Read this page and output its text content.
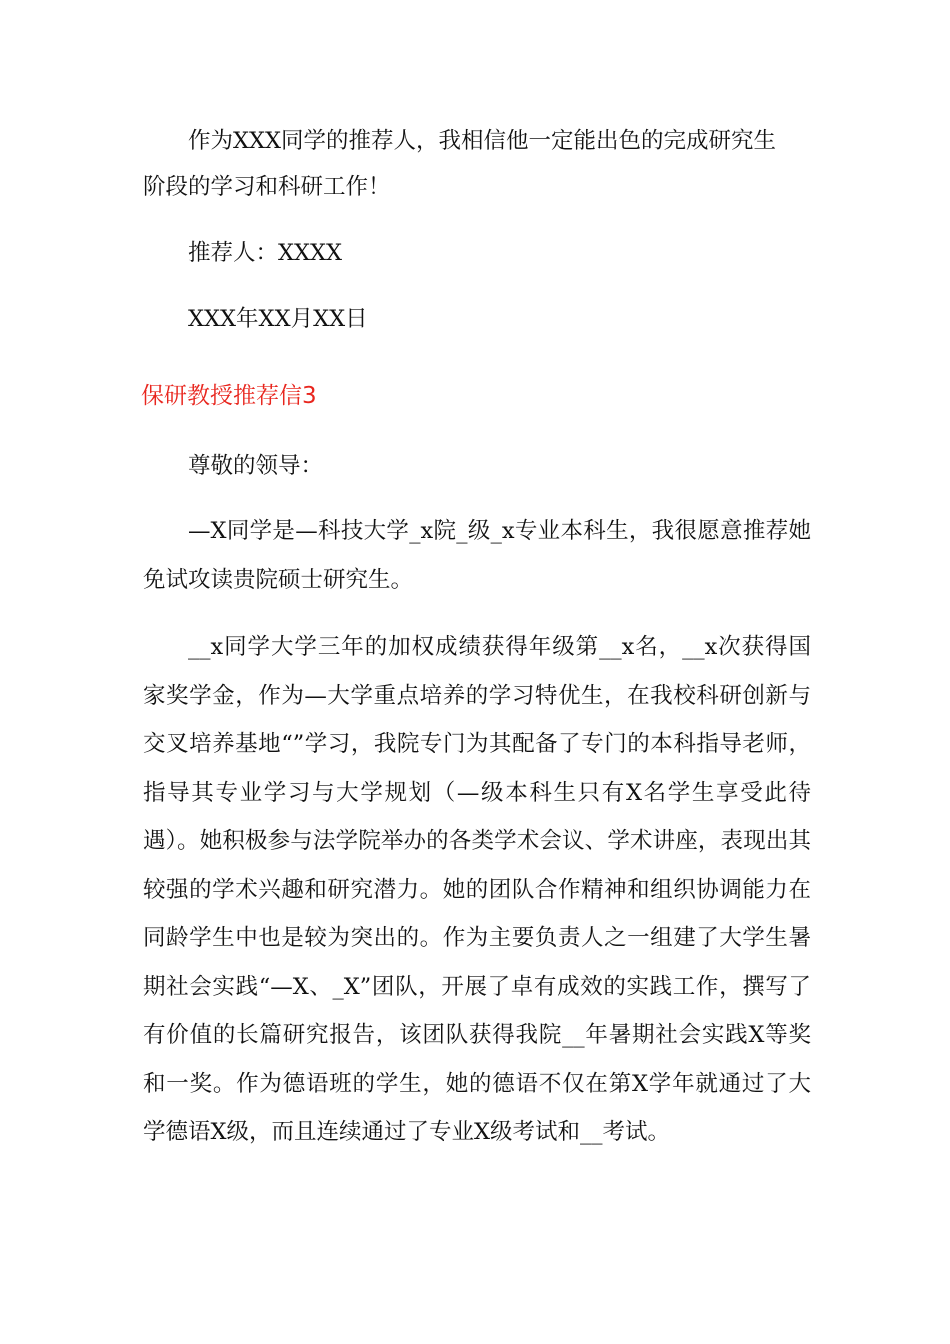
作为XXX同学的推荐人，我相信他一定能出色的完成研究生阶段的学习和科研工作！

推荐人：XXXX

XXX年XX月XX日

保研教授推荐信3

尊敬的领导：

—X同学是—科技大学_x院_级_x专业本科生，我很愿意推荐她免试攻读贵院硕士研究生。

__x同学大学三年的加权成绩获得年级第__x名，__x次获得国家奖学金，作为—大学重点培养的学习特优生，在我校科研创新与交叉培养基地“”学习，我院专门为其配备了专门的本科指导老师，指导其专业学习与大学规划（—级本科生只有X名学生享受此待遇）。她积极参与法学院举办的各类学术会议、学术讲座，表现出其较强的学术兴趣和研究潜力。她的团队合作精神和组织协调能力在同龄学生中也是较为突出的。作为主要负责人之一组建了大学生暑期社会实践“—X、_X”团队，开展了卓有成效的实践工作，撰写了有价值的长篇研究报告，该团队获得我院__年暑期社会实践X等奖和一奖。作为德语班的学生，她的德语不仅在第X学年就通过了大学德语X级，而且连续通过了专业X级考试和__考试。
